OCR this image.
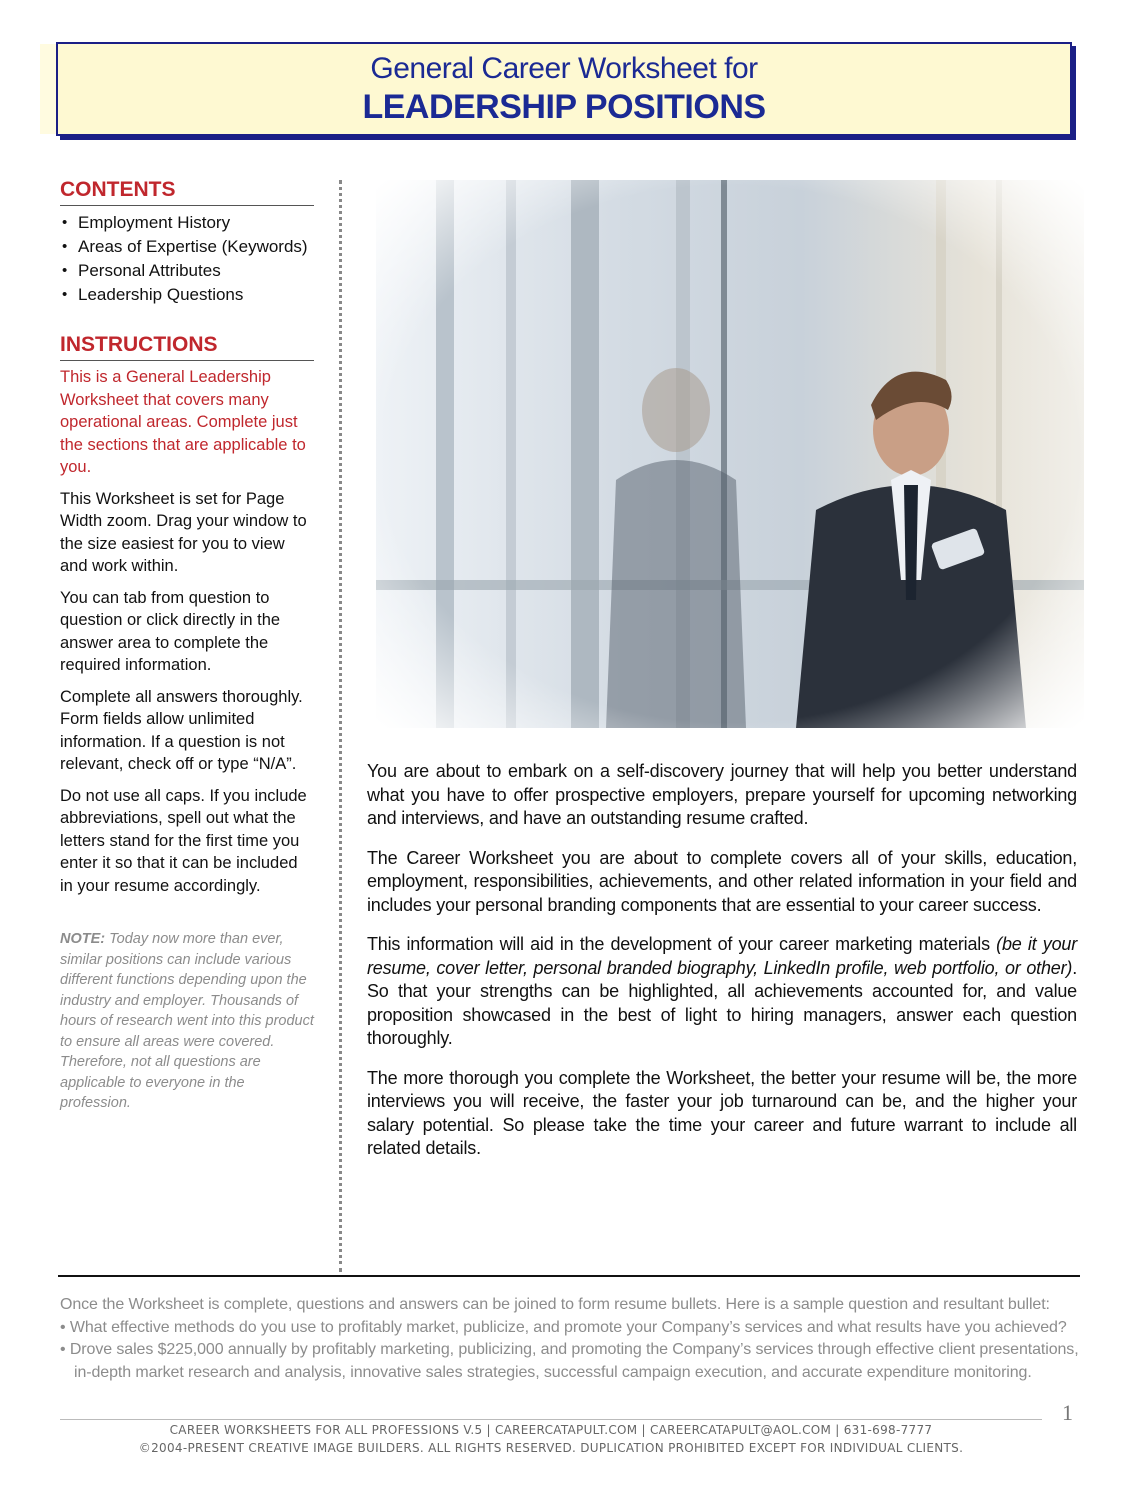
General Career Worksheet for
LEADERSHIP POSITIONS
CONTENTS
• Employment History
• Areas of Expertise (Keywords)
• Personal Attributes
• Leadership Questions
INSTRUCTIONS

This is a General Leadership Worksheet that covers many operational areas. Complete just the sections that are applicable to you.

This Worksheet is set for Page Width zoom. Drag your window to the size easiest for you to view and work within.

You can tab from question to question or click directly in the answer area to complete the required information.

Complete all answers thoroughly. Form fields allow unlimited information. If a question is not relevant, check off or type “N/A”.

Do not use all caps. If you include abbreviations, spell out what the letters stand for the first time you enter it so that it can be included in your resume accordingly.

NOTE: Today now more than ever, similar positions can include various different functions depending upon the industry and employer. Thousands of hours of research went into this product to ensure all areas were covered. Therefore, not all questions are applicable to everyone in the profession.

You are about to embark on a self-discovery journey that will help you better understand what you have to offer prospective employers, prepare yourself for upcoming networking and interviews, and have an outstanding resume crafted.

The Career Worksheet you are about to complete covers all of your skills, education, employment, responsibilities, achievements, and other related information in your field and includes your personal branding components that are essential to your career success.

This information will aid in the development of your career marketing materials (be it your resume, cover letter, personal branded biography, LinkedIn profile, web portfolio, or other). So that your strengths can be highlighted, all achievements accounted for, and value proposition showcased in the best of light to hiring managers, answer each question thoroughly.

The more thorough you complete the Worksheet, the better your resume will be, the more interviews you will receive, the faster your job turnaround can be, and the higher your salary potential. So please take the time your career and future warrant to include all related details.

Once the Worksheet is complete, questions and answers can be joined to form resume bullets. Here is a sample question and resultant bullet:
• What effective methods do you use to profitably market, publicize, and promote your Company’s services and what results have you achieved?
• Drove sales $225,000 annually by profitably marketing, publicizing, and promoting the Company’s services through effective client presentations,
in-depth market research and analysis, innovative sales strategies, successful campaign execution, and accurate expenditure monitoring.
1
CAREER WORKSHEETS FOR ALL PROFESSIONS V.5 | CAREERCATAPULT.COM | CAREERCATAPULT@AOL.COM | 631-698-7777
©2004-PRESENT CREATIVE IMAGE BUILDERS. ALL RIGHTS RESERVED. DUPLICATION PROHIBITED EXCEPT FOR INDIVIDUAL CLIENTS.
